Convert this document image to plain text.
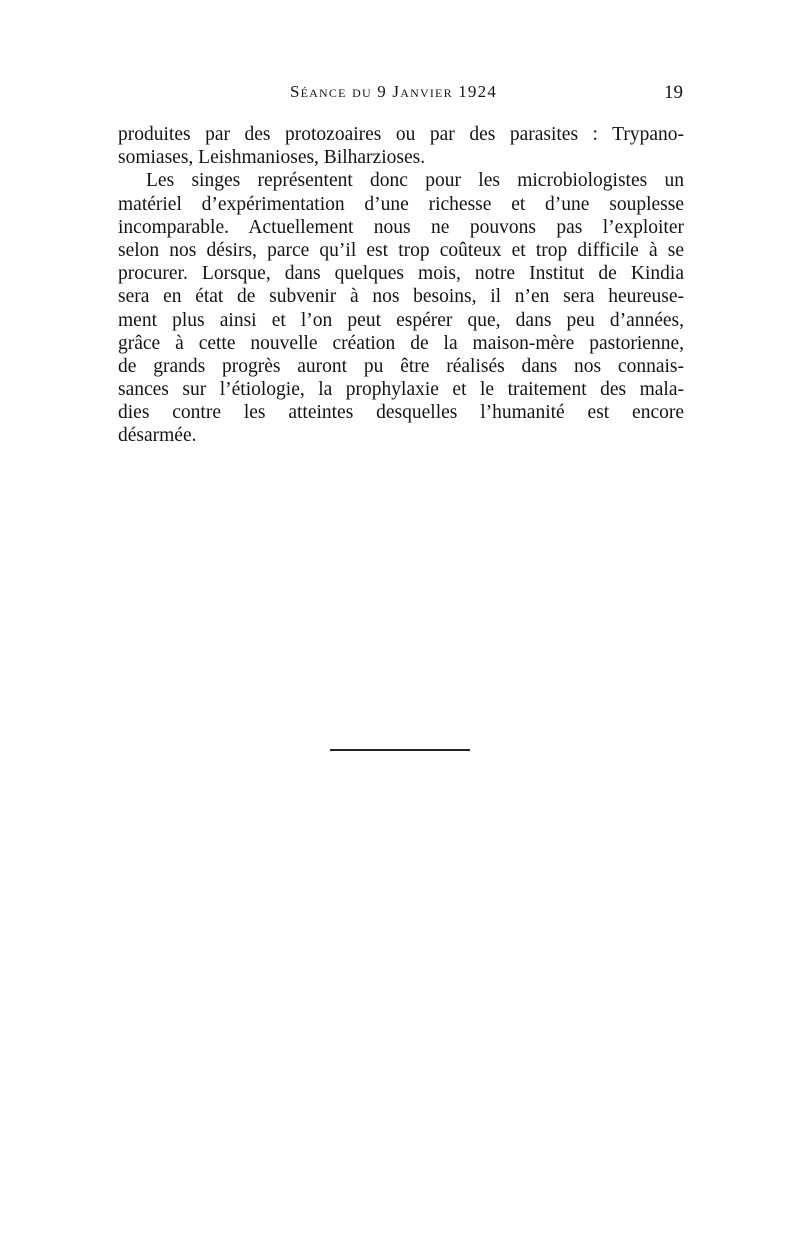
Séance du 9 Janvier 1924	19
produites par des protozoaires ou par des parasites : Trypano-
somiases, Leishmanioses, Bilharzioses.
Les singes représentent donc pour les microbiologistes un
matériel d’expérimentation d’une richesse et d’une souplesse
incomparable. Actuellement nous ne pouvons pas l’exploiter
selon nos désirs, parce qu’il est trop coûteux et trop difficile à se
procurer. Lorsque, dans quelques mois, notre Institut de Kindia
sera en état de subvenir à nos besoins, il n’en sera heureuse-
ment plus ainsi et l’on peut espérer que, dans peu d’années,
grâce à cette nouvelle création de la maison-mère pastorienne,
de grands progrès auront pu être réalisés dans nos connais-
sances sur l’étiologie, la prophylaxie et le traitement des mala-
dies contre les atteintes desquelles l’humanité est encore
désarmée.
